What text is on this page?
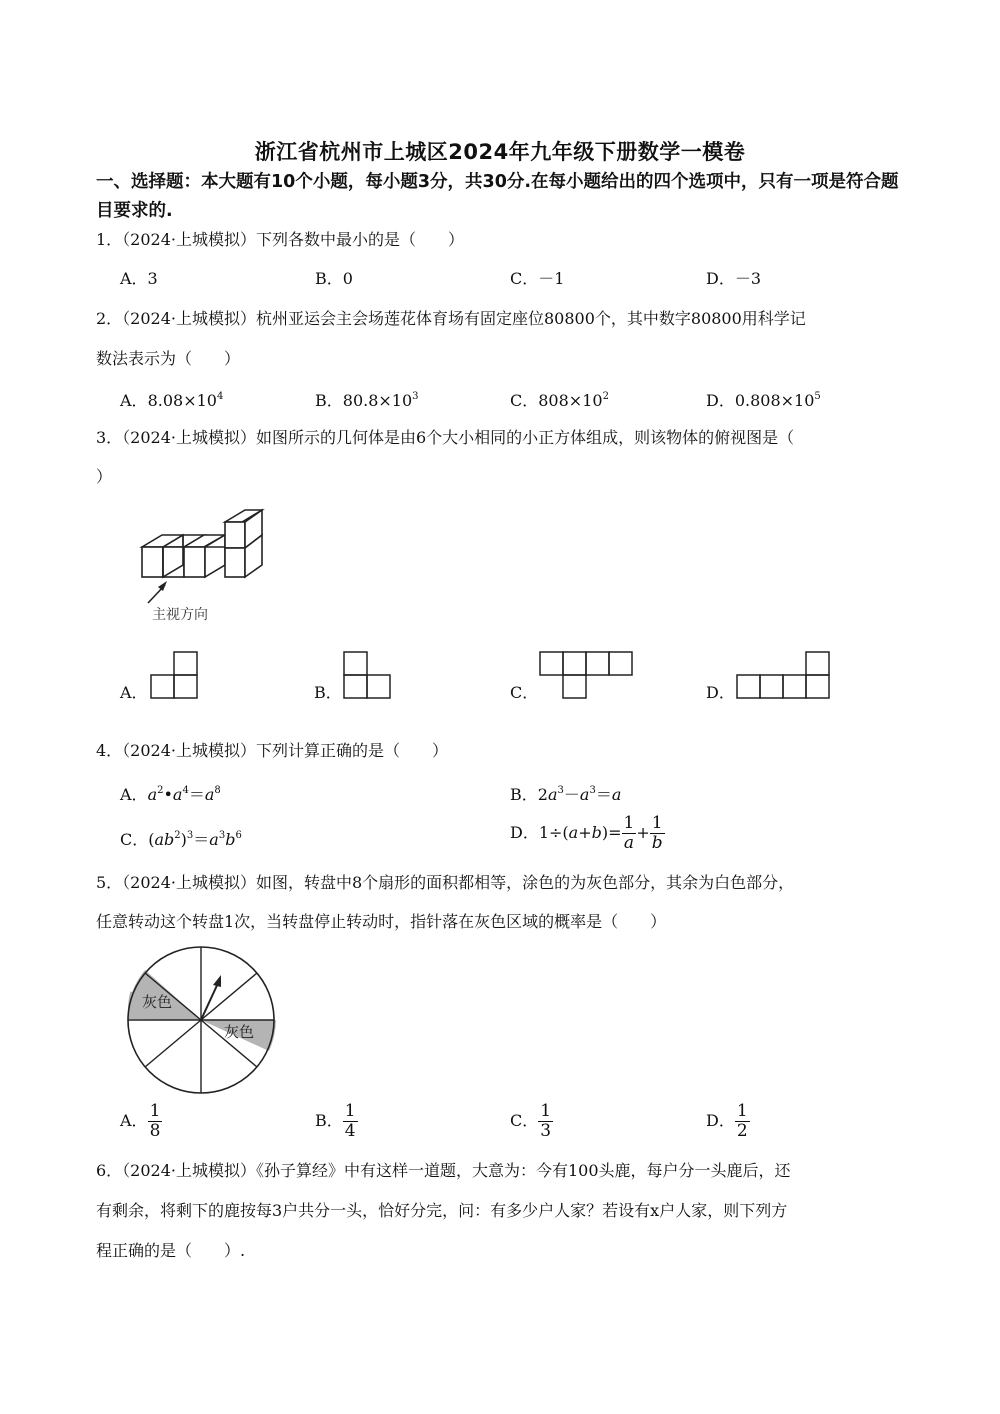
浙江省杭州市上城区2024年九年级下册数学一模卷
一、选择题：本大题有10个小题，每小题3分，共30分.在每小题给出的四个选项中，只有一项是符合题目要求的.
1．（2024·上城模拟）下列各数中最小的是（　　）
A．3	B．0	C．－1	D．－3
2．（2024·上城模拟）杭州亚运会主会场莲花体育场有固定座位80800个，其中数字80800用科学记
数法表示为（　　）
A．$8.08\times 10^4$	B．$80.8\times 10^3$	C．$808\times 10^2$	D．$0.808\times 10^5$
3．（2024·上城模拟）如图所示的几何体是由6个大小相同的小正方体组成，则该物体的俯视图是（
）
主视方向
A．	B．	C．	D．
4．（2024·上城模拟）下列计算正确的是（　　）
A．$a^2•a^4=a^8$	B．$2a^3-a^3=a$
C．$(ab^2)^3=a^3b^6$	D．$1\div(a+b)= \frac{1}{a} + \frac{1}{b}$
5．（2024·上城模拟）如图，转盘中8个扇形的面积都相等，涂色的为灰色部分，其余为白色部分，
任意转动这个转盘1次，当转盘停止转动时，指针落在灰色区域的概率是（　　）
灰色
灰色
A． $\frac{1}{8}$	B． $\frac{1}{4}$	C． $\frac{1}{3}$	D． $\frac{1}{2}$
6．（2024·上城模拟）《孙子算经》中有这样一道题，大意为：今有100头鹿，每户分一头鹿后，还
有剩余，将剩下的鹿按每3户共分一头，恰好分完，问：有多少户人家？若设有x户人家，则下列方
程正确的是（　　）.
